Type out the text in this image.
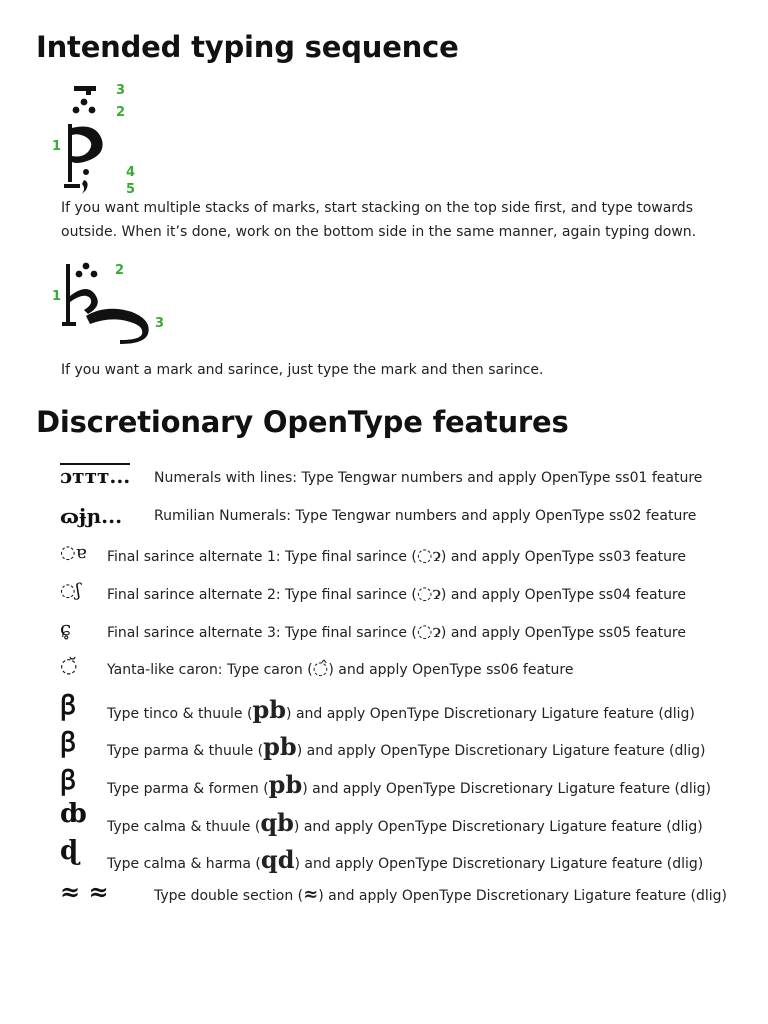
Intended typing sequence
3
2
1
4
5

If you want multiple stacks of marks, start stacking on the top side first, and type towards outside. When it’s done, work on the bottom side in the same manner, again typing down.

2
1
3

If you want a mark and sarince, just type the mark and then sarince.

Discretionary OpenType features
ɔᴛᴛᴛ... Numerals with lines: Type Tengwar numbers and apply OpenType ss01 feature
ɷɉɲ... Rumilian Numerals: Type Tengwar numbers and apply OpenType ss02 feature
◌ɐ Final sarince alternate 1: Type final sarince (◌ɂ) and apply OpenType ss03 feature
◌ʃ Final sarince alternate 2: Type final sarince (◌ɂ) and apply OpenType ss04 feature
ɕ̥	Final sarince alternate 3: Type final sarince (◌ɂ) and apply OpenType ss05 feature
◌̆ Yanta-like caron: Type caron (◌̂) and apply OpenType ss06 feature
ꞵ Type tinco & thuule (pb) and apply OpenType Discretionary Ligature feature (dlig)
ꞵ Type parma & thuule (pb) and apply OpenType Discretionary Ligature feature (dlig)
ꞵ Type parma & formen (pb) and apply OpenType Discretionary Ligature feature (dlig)
ȸ Type calma & thuule (qb) and apply OpenType Discretionary Ligature feature (dlig)
ɖ Type calma & harma (qd) and apply OpenType Discretionary Ligature feature (dlig)
≈ ≈	Type double section (≈) and apply OpenType Discretionary Ligature feature (dlig)
